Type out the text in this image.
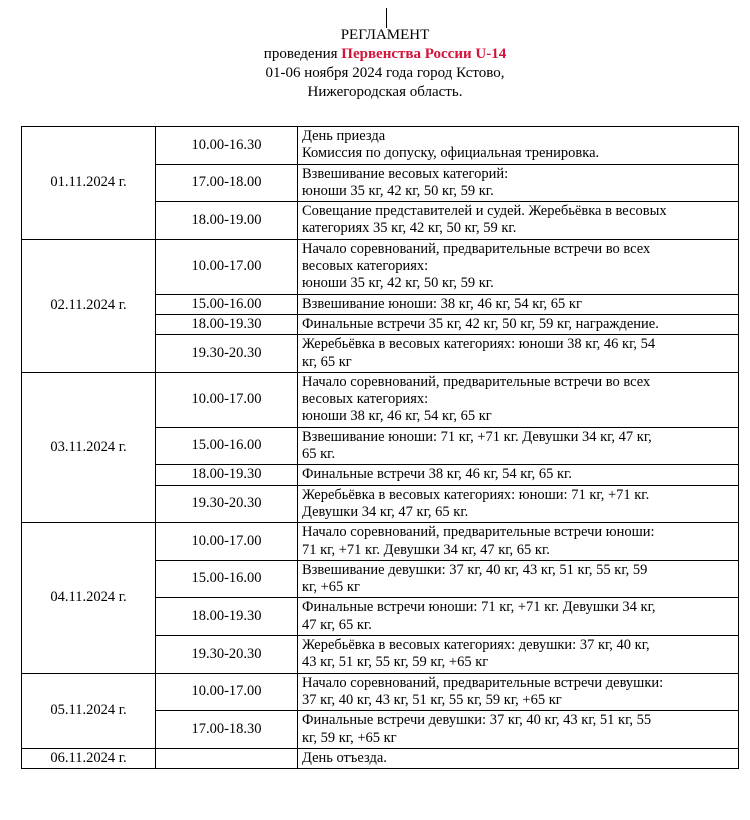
РЕГЛАМЕНТ
проведения Первенства России U-14
01-06 ноября 2024 года город Кстово,
Нижегородская область.
01.11.2024 г.	10.00-16.30	День приезда
Комиссия по допуску, официальная тренировка.

	17.00-18.00	Взвешивание весовых категорий:
юноши 35 кг, 42 кг, 50 кг, 59 кг.

	18.00-19.00	Совещание представителей и судей. Жеребьёвка в весовых
категориях 35 кг, 42 кг, 50 кг, 59 кг.

02.11.2024 г.	10.00-17.00	Начало соревнований, предварительные встречи во всех
весовых категориях:
юноши 35 кг, 42 кг, 50 кг, 59 кг.

	15.00-16.00	Взвешивание юноши: 38 кг, 46 кг, 54 кг, 65 кг

	18.00-19.30	Финальные встречи 35 кг, 42 кг, 50 кг, 59 кг, награждение.

	19.30-20.30	Жеребьёвка в весовых категориях: юноши 38 кг, 46 кг, 54
кг, 65 кг

03.11.2024 г.	10.00-17.00	Начало соревнований, предварительные встречи во всех
весовых категориях:
юноши 38 кг, 46 кг, 54 кг, 65 кг

	15.00-16.00	Взвешивание юноши: 71 кг, +71 кг. Девушки 34 кг, 47 кг,
65 кг.

	18.00-19.30	Финальные встречи 38 кг, 46 кг, 54 кг, 65 кг.

	19.30-20.30	Жеребьёвка в весовых категориях: юноши: 71 кг, +71 кг.
Девушки 34 кг, 47 кг, 65 кг.

04.11.2024 г.	10.00-17.00	Начало соревнований, предварительные встречи юноши:
71 кг, +71 кг. Девушки 34 кг, 47 кг, 65 кг.

	15.00-16.00	Взвешивание девушки: 37 кг, 40 кг, 43 кг, 51 кг, 55 кг, 59
кг, +65 кг

	18.00-19.30	Финальные встречи юноши: 71 кг, +71 кг. Девушки 34 кг,
47 кг, 65 кг.

	19.30-20.30	Жеребьёвка в весовых категориях: девушки: 37 кг, 40 кг,
43 кг, 51 кг, 55 кг, 59 кг, +65 кг

05.11.2024 г.	10.00-17.00	Начало соревнований, предварительные встречи девушки:
37 кг, 40 кг, 43 кг, 51 кг, 55 кг, 59 кг, +65 кг

	17.00-18.30	Финальные встречи девушки: 37 кг, 40 кг, 43 кг, 51 кг, 55
кг, 59 кг, +65 кг

06.11.2024 г.		День отъезда.
